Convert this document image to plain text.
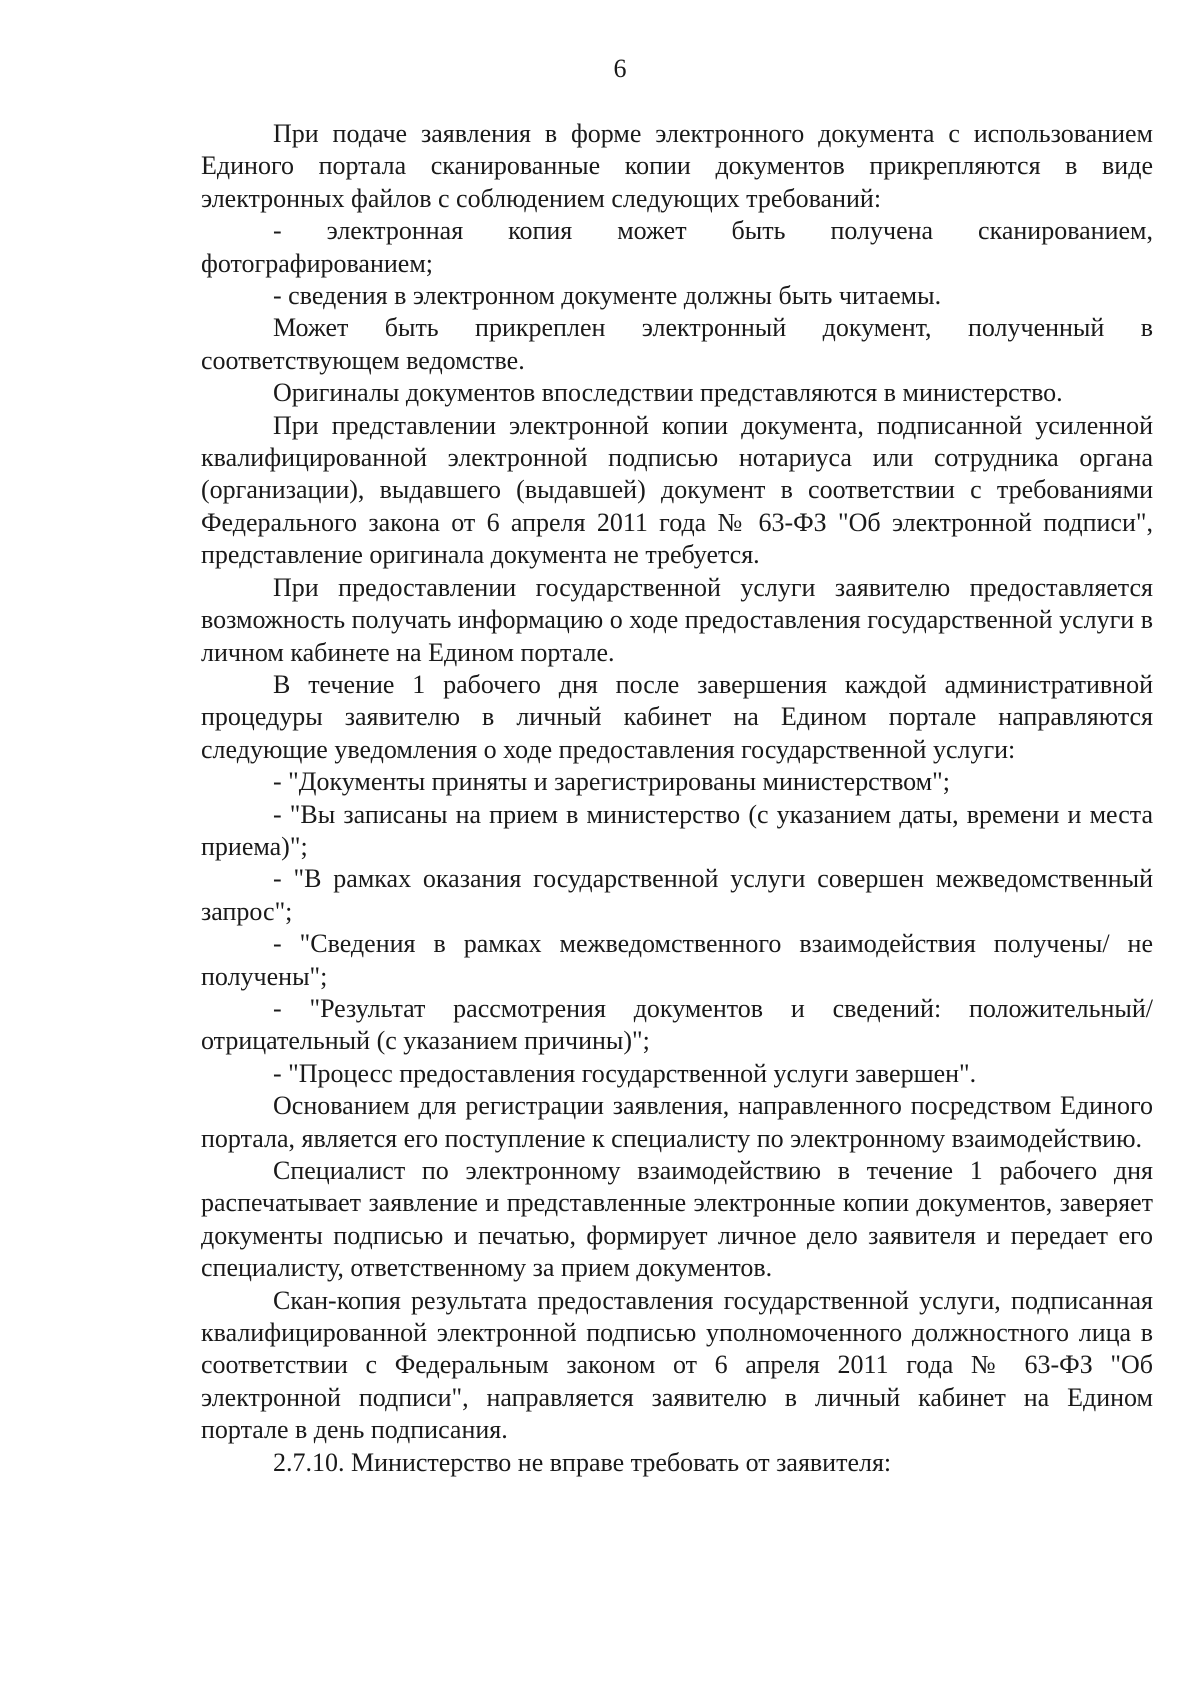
6

При подаче заявления в форме электронного документа с использованием Единого портала сканированные копии документов прикрепляются в виде электронных файлов с соблюдением следующих требований:

- электронная копия может быть получена сканированием, фотографированием;

- сведения в электронном документе должны быть читаемы.

Может быть прикреплен электронный документ, полученный в соответствующем ведомстве.

Оригиналы документов впоследствии представляются в министерство.

При представлении электронной копии документа, подписанной усиленной квалифицированной электронной подписью нотариуса или сотрудника органа (организации), выдавшего (выдавшей) документ в соответствии с требованиями Федерального закона от 6 апреля 2011 года № 63-ФЗ "Об электронной подписи", представление оригинала документа не требуется.

При предоставлении государственной услуги заявителю предоставляется возможность получать информацию о ходе предоставления государственной услуги в личном кабинете на Едином портале.

В течение 1 рабочего дня после завершения каждой административной процедуры заявителю в личный кабинет на Едином портале направляются следующие уведомления о ходе предоставления государственной услуги:

- "Документы приняты и зарегистрированы министерством";

- "Вы записаны на прием в министерство (с указанием даты, времени и места приема)";

- "В рамках оказания государственной услуги совершен межведомственный запрос";

- "Сведения в рамках межведомственного взаимодействия получены/ не получены";

- "Результат рассмотрения документов и сведений: положительный/отрицательный (с указанием причины)";

- "Процесс предоставления государственной услуги завершен".

Основанием для регистрации заявления, направленного посредством Единого портала, является его поступление к специалисту по электронному взаимодействию.

Специалист по электронному взаимодействию в течение 1 рабочего дня распечатывает заявление и представленные электронные копии документов, заверяет документы подписью и печатью, формирует личное дело заявителя и передает его специалисту, ответственному за прием документов.

Скан-копия результата предоставления государственной услуги, подписанная квалифицированной электронной подписью уполномоченного должностного лица в соответствии с Федеральным законом от 6 апреля 2011 года № 63-ФЗ "Об электронной подписи", направляется заявителю в личный кабинет на Едином портале в день подписания.

2.7.10. Министерство не вправе требовать от заявителя:
